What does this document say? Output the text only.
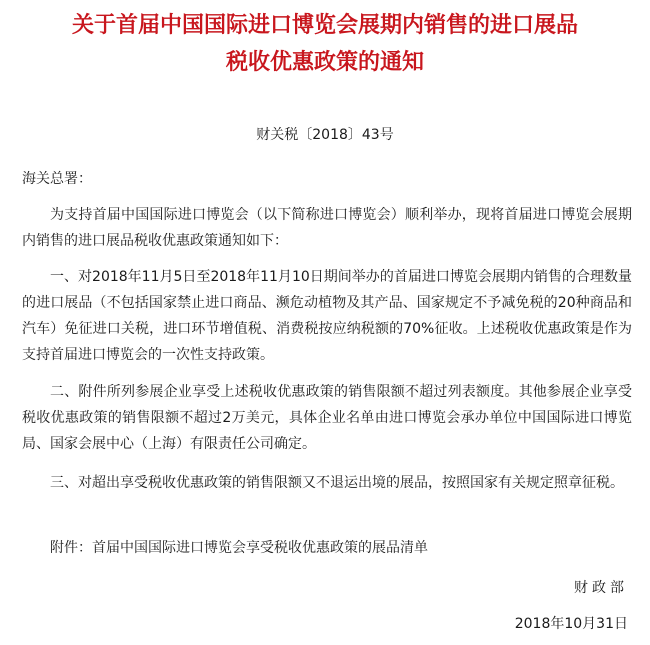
关于首届中国国际进口博览会展期内销售的进口展品
税收优惠政策的通知
财关税〔2018〕43号
海关总署：
为支持首届中国国际进口博览会（以下简称进口博览会）顺利举办，现将首届进口博览会展期内销售的进口展品税收优惠政策通知如下：
一、对2018年11月5日至2018年11月10日期间举办的首届进口博览会展期内销售的合理数量的进口展品（不包括国家禁止进口商品、濒危动植物及其产品、国家规定不予减免税的20种商品和汽车）免征进口关税，进口环节增值税、消费税按应纳税额的70%征收。上述税收优惠政策是作为支持首届进口博览会的一次性支持政策。
二、附件所列参展企业享受上述税收优惠政策的销售限额不超过列表额度。其他参展企业享受税收优惠政策的销售限额不超过2万美元，具体企业名单由进口博览会承办单位中国国际进口博览局、国家会展中心（上海）有限责任公司确定。
三、对超出享受税收优惠政策的销售限额又不退运出境的展品，按照国家有关规定照章征税。
附件：首届中国国际进口博览会享受税收优惠政策的展品清单
财政部
2018年10月31日
